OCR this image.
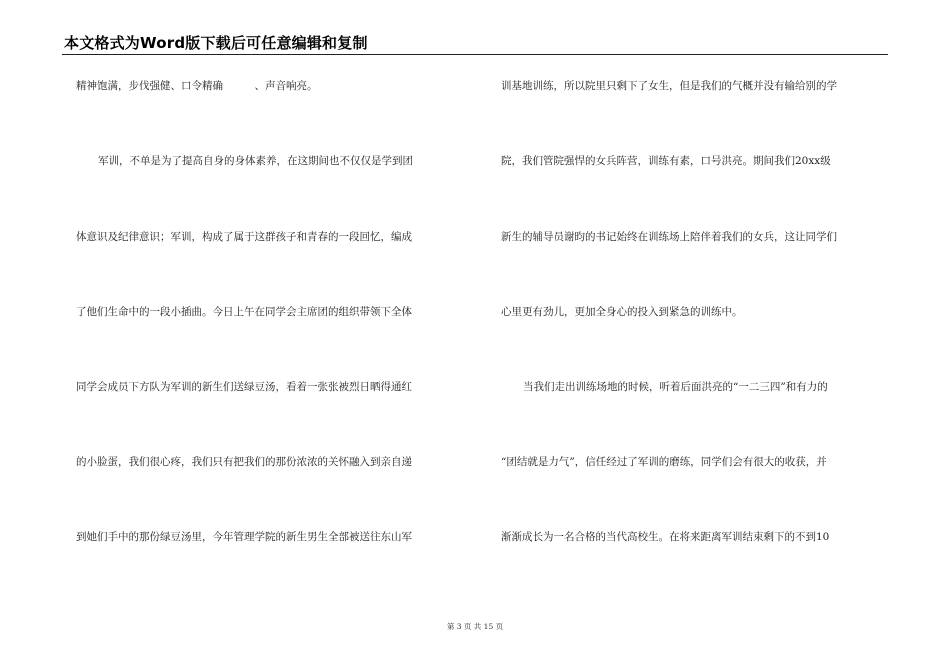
本文格式为Word版下载后可任意编辑和复制
精神饱满，步伐强健、口令精确　　　、声音响亮。
军训，不单是为了提高自身的身体素养，在这期间也不仅仅是学到团
体意识及纪律意识；军训，构成了属于这群孩子和青春的一段回忆，编成
了他们生命中的一段小插曲。今日上午在同学会主席团的组织带领下全体
同学会成员下方队为军训的新生们送绿豆汤，看着一张张被烈日晒得通红
的小脸蛋，我们很心疼，我们只有把我们的那份浓浓的关怀融入到亲自递
到她们手中的那份绿豆汤里，今年管理学院的新生男生全部被送往东山军
训基地训练，所以院里只剩下了女生，但是我们的气概并没有输给别的学
院，我们管院强悍的女兵阵营，训练有素，口号洪亮。期间我们20xx级
新生的辅导员谢昀的书记始终在训练场上陪伴着我们的女兵，这让同学们
心里更有劲儿，更加全身心的投入到紧急的训练中。
当我们走出训练场地的时候，听着后面洪亮的“一二三四”和有力的
“团结就是力气”，信任经过了军训的磨练，同学们会有很大的收获，并
渐渐成长为一名合格的当代高校生。在将来距离军训结束剩下的不到10
第 3 页 共 15 页
